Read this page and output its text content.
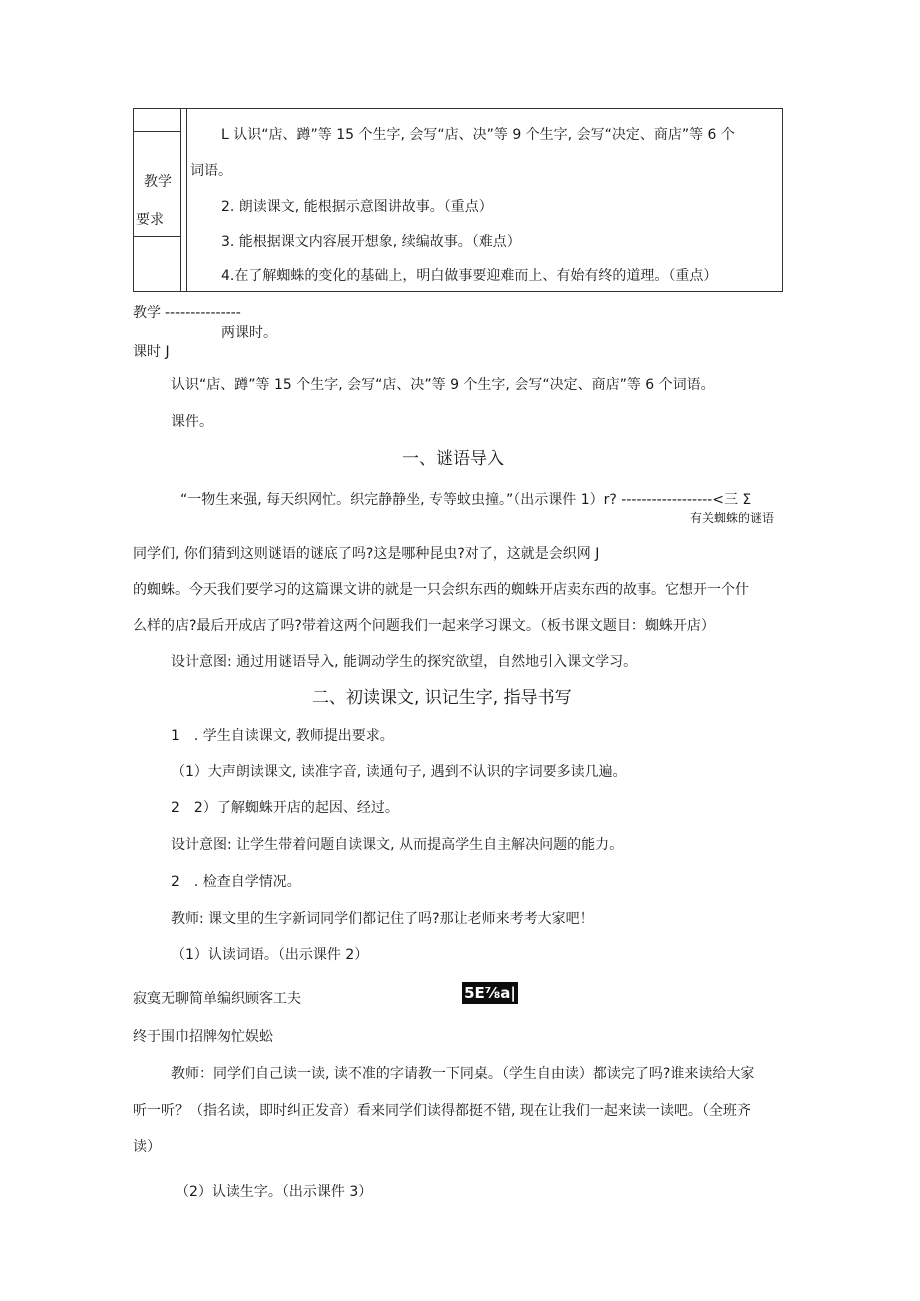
教学
要求
L 认识“店、蹲”等 15 个生字, 会写“店、决”等 9 个生字, 会写“决定、商店”等 6 个
词语。
2. 朗读课文, 能根据示意图讲故事。（重点）
3. 能根据课文内容展开想象, 续编故事。（难点）
4.在了解蜘蛛的变化的基础上，明白做事要迎难而上、有始有终的道理。（重点）
教学 ---------------
两课时。
课时 J
认识“店、蹲”等 15 个生字, 会写“店、决”等 9 个生字, 会写“决定、商店”等 6 个词语。
课件。
一、谜语导入
“一物生来强, 每天织网忙。织完静静坐, 专等蚊虫撞。”（出示课件 1）r? ------------------<三 Σ
有关蜘蛛的谜语
同学们, 你们猜到这则谜语的谜底了吗?这是哪种昆虫?对了，这就是会织网 J
的蜘蛛。今天我们要学习的这篇课文讲的就是一只会织东西的蜘蛛开店卖东西的故事。它想开一个什
么样的店?最后开成店了吗?带着这两个问题我们一起来学习课文。（板书课文题目：蜘蛛开店）
设计意图: 通过用谜语导入, 能调动学生的探究欲望，自然地引入课文学习。
二、初读课文, 识记生字, 指导书写
1　. 学生自读课文, 教师提出要求。
（1）大声朗读课文, 读准字音, 读通句子, 遇到不认识的字词要多读几遍。
2　2）了解蜘蛛开店的起因、经过。
设计意图: 让学生带着问题自读课文, 从而提高学生自主解决问题的能力。
2　. 检查自学情况。
教师: 课文里的生字新词同学们都记住了吗?那让老师来考考大家吧！
（1）认读词语。（出示课件 2）
寂寞无聊简单编织顾客工夫	5E⅞a|
终于围巾招牌匆忙娱蚣
教师：同学们自己读一读, 读不准的字请教一下同桌。（学生自由读）都读完了吗?谁来读给大家
听一听？（指名读，即时纠正发音）看来同学们读得都挺不错, 现在让我们一起来读一读吧。（全班齐
读）
（2）认读生字。（出示课件 3）
